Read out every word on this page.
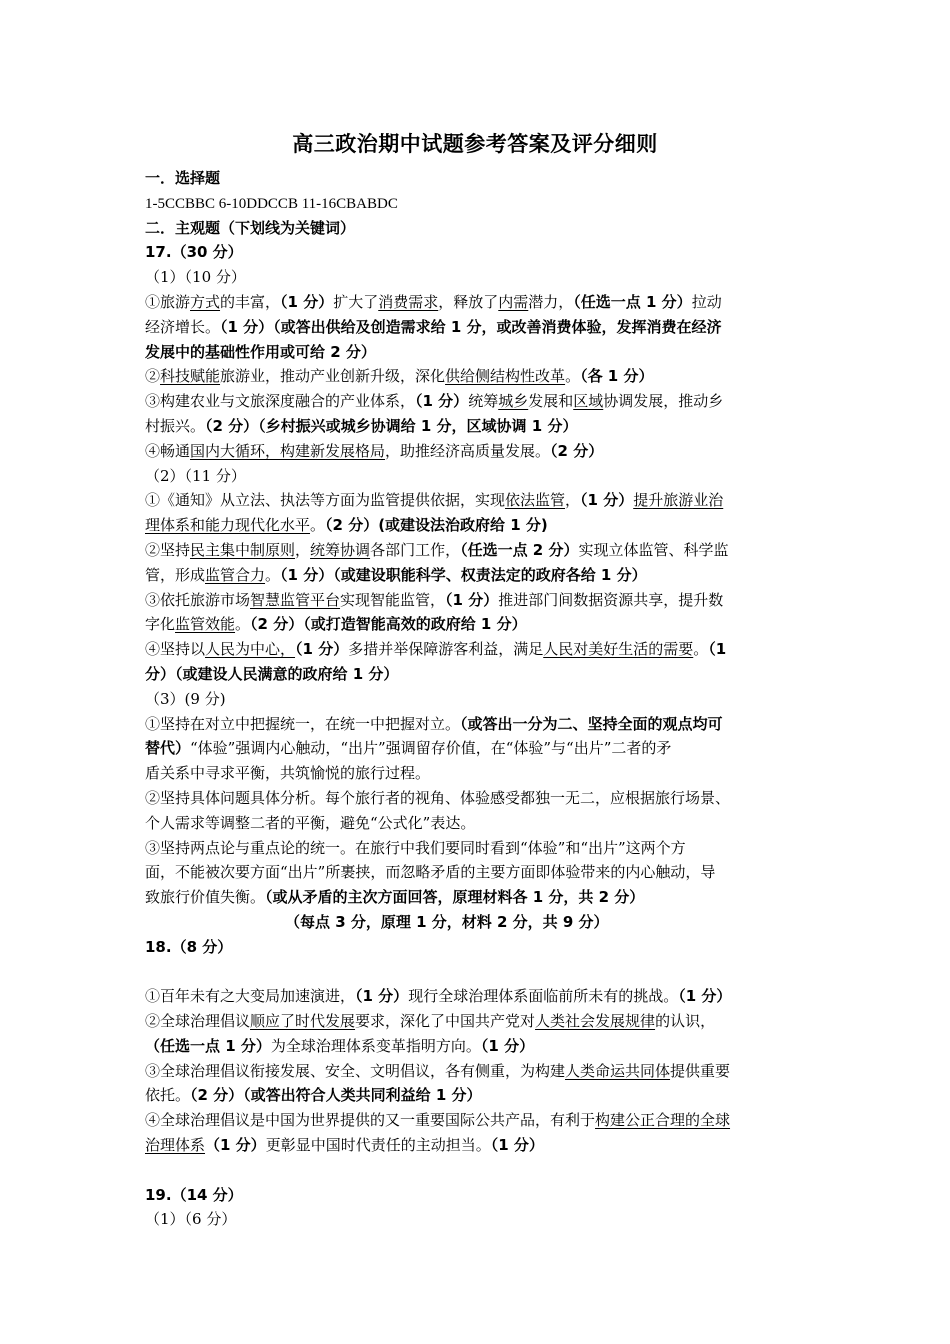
高三政治期中试题参考答案及评分细则
一．选择题
1-5CCBBC 6-10DDCCB 11-16CBABDC
二．主观题（下划线为关键词）
17.（30 分）
（1）（10 分）
①旅游方式的丰富，（1 分）扩大了消费需求，释放了内需潜力，（任选一点 1 分）拉动
经济增长。（1 分）（或答出供给及创造需求给 1 分，或改善消费体验，发挥消费在经济
发展中的基础性作用或可给 2 分）
②科技赋能旅游业，推动产业创新升级，深化供给侧结构性改革。（各 1 分）
③构建农业与文旅深度融合的产业体系，（1 分）统筹城乡发展和区域协调发展，推动乡
村振兴。（2 分）（乡村振兴或城乡协调给 1 分，区域协调 1 分）
④畅通国内大循环，构建新发展格局，助推经济高质量发展。（2 分）
（2）（11 分）
①《通知》从立法、执法等方面为监管提供依据，实现依法监管，（1 分）提升旅游业治
理体系和能力现代化水平。（2 分）(或建设法治政府给 1 分)
②坚持民主集中制原则，统筹协调各部门工作，（任选一点 2 分）实现立体监管、科学监
管，形成监管合力。（1 分）（或建设职能科学、权责法定的政府各给 1 分）
③依托旅游市场智慧监管平台实现智能监管，（1 分）推进部门间数据资源共享，提升数
字化监管效能。（2 分）（或打造智能高效的政府给 1 分）
④坚持以人民为中心，（1 分）多措并举保障游客利益，满足人民对美好生活的需要。（1
分）（或建设人民满意的政府给 1 分）
（3）(9 分)
①坚持在对立中把握统一，在统一中把握对立。（或答出一分为二、坚持全面的观点均可
替代）“体验”强调内心触动，“出片”强调留存价值，在“体验”与“出片”二者的矛
盾关系中寻求平衡，共筑愉悦的旅行过程。
②坚持具体问题具体分析。每个旅行者的视角、体验感受都独一无二，应根据旅行场景、
个人需求等调整二者的平衡，避免“公式化”表达。
③坚持两点论与重点论的统一。在旅行中我们要同时看到“体验”和“出片”这两个方
面，不能被次要方面“出片”所裹挟，而忽略矛盾的主要方面即体验带来的内心触动，导
致旅行价值失衡。（或从矛盾的主次方面回答，原理材料各 1 分，共 2 分）
（每点 3 分，原理 1 分，材料 2 分，共 9 分）
18.（8 分）
①百年未有之大变局加速演进，（1 分）现行全球治理体系面临前所未有的挑战。（1 分）
②全球治理倡议顺应了时代发展要求，深化了中国共产党对人类社会发展规律的认识，
（任选一点 1 分）为全球治理体系变革指明方向。（1 分）
③全球治理倡议衔接发展、安全、文明倡议，各有侧重，为构建人类命运共同体提供重要
依托。（2 分）（或答出符合人类共同利益给 1 分）
④全球治理倡议是中国为世界提供的又一重要国际公共产品，有利于构建公正合理的全球
治理体系（1 分）更彰显中国时代责任的主动担当。（1 分）
19.（14 分）
（1）（6 分）
